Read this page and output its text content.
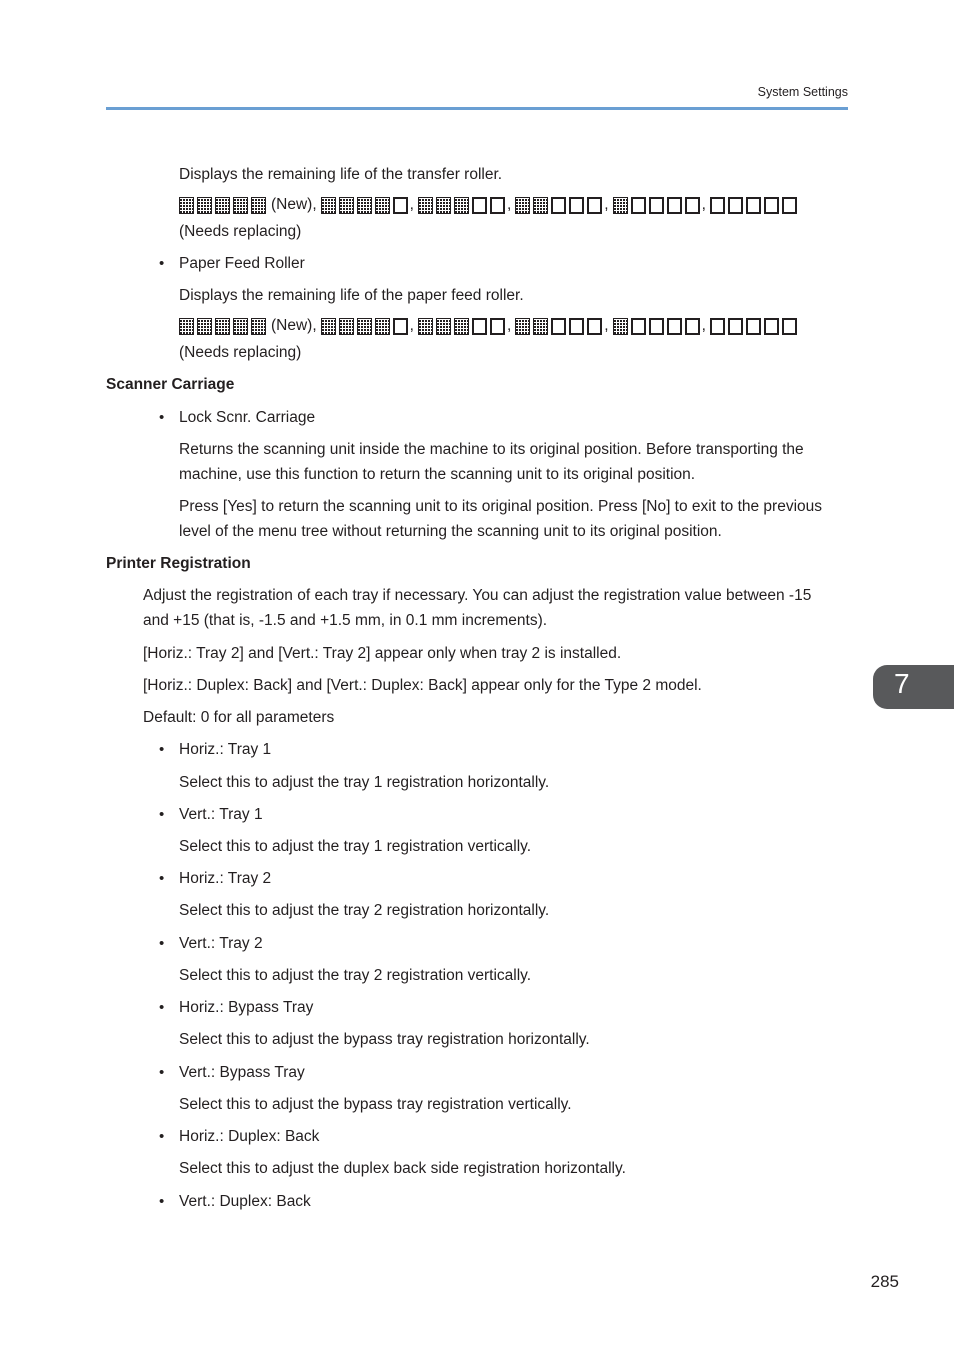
System Settings
Displays the remaining life of the transfer roller.
(New),	,	,	,	,
(Needs replacing)
• Paper Feed Roller
Displays the remaining life of the paper feed roller.
(New),	,	,	,	,
(Needs replacing)
Scanner Carriage
• Lock Scnr. Carriage
Returns the scanning unit inside the machine to its original position. Before transporting the
machine, use this function to return the scanning unit to its original position.
Press [Yes] to return the scanning unit to its original position. Press [No] to exit to the previous
level of the menu tree without returning the scanning unit to its original position.
Printer Registration
Adjust the registration of each tray if necessary. You can adjust the registration value between -15
and +15 (that is, -1.5 and +1.5 mm, in 0.1 mm increments).
[Horiz.: Tray 2] and [Vert.: Tray 2] appear only when tray 2 is installed.
[Horiz.: Duplex: Back] and [Vert.: Duplex: Back] appear only for the Type 2 model.
Default: 0 for all parameters
• Horiz.: Tray 1
Select this to adjust the tray 1 registration horizontally.
• Vert.: Tray 1
Select this to adjust the tray 1 registration vertically.
• Horiz.: Tray 2
Select this to adjust the tray 2 registration horizontally.
• Vert.: Tray 2
Select this to adjust the tray 2 registration vertically.
• Horiz.: Bypass Tray
Select this to adjust the bypass tray registration horizontally.
• Vert.: Bypass Tray
Select this to adjust the bypass tray registration vertically.
• Horiz.: Duplex: Back
Select this to adjust the duplex back side registration horizontally.
• Vert.: Duplex: Back
7
285
